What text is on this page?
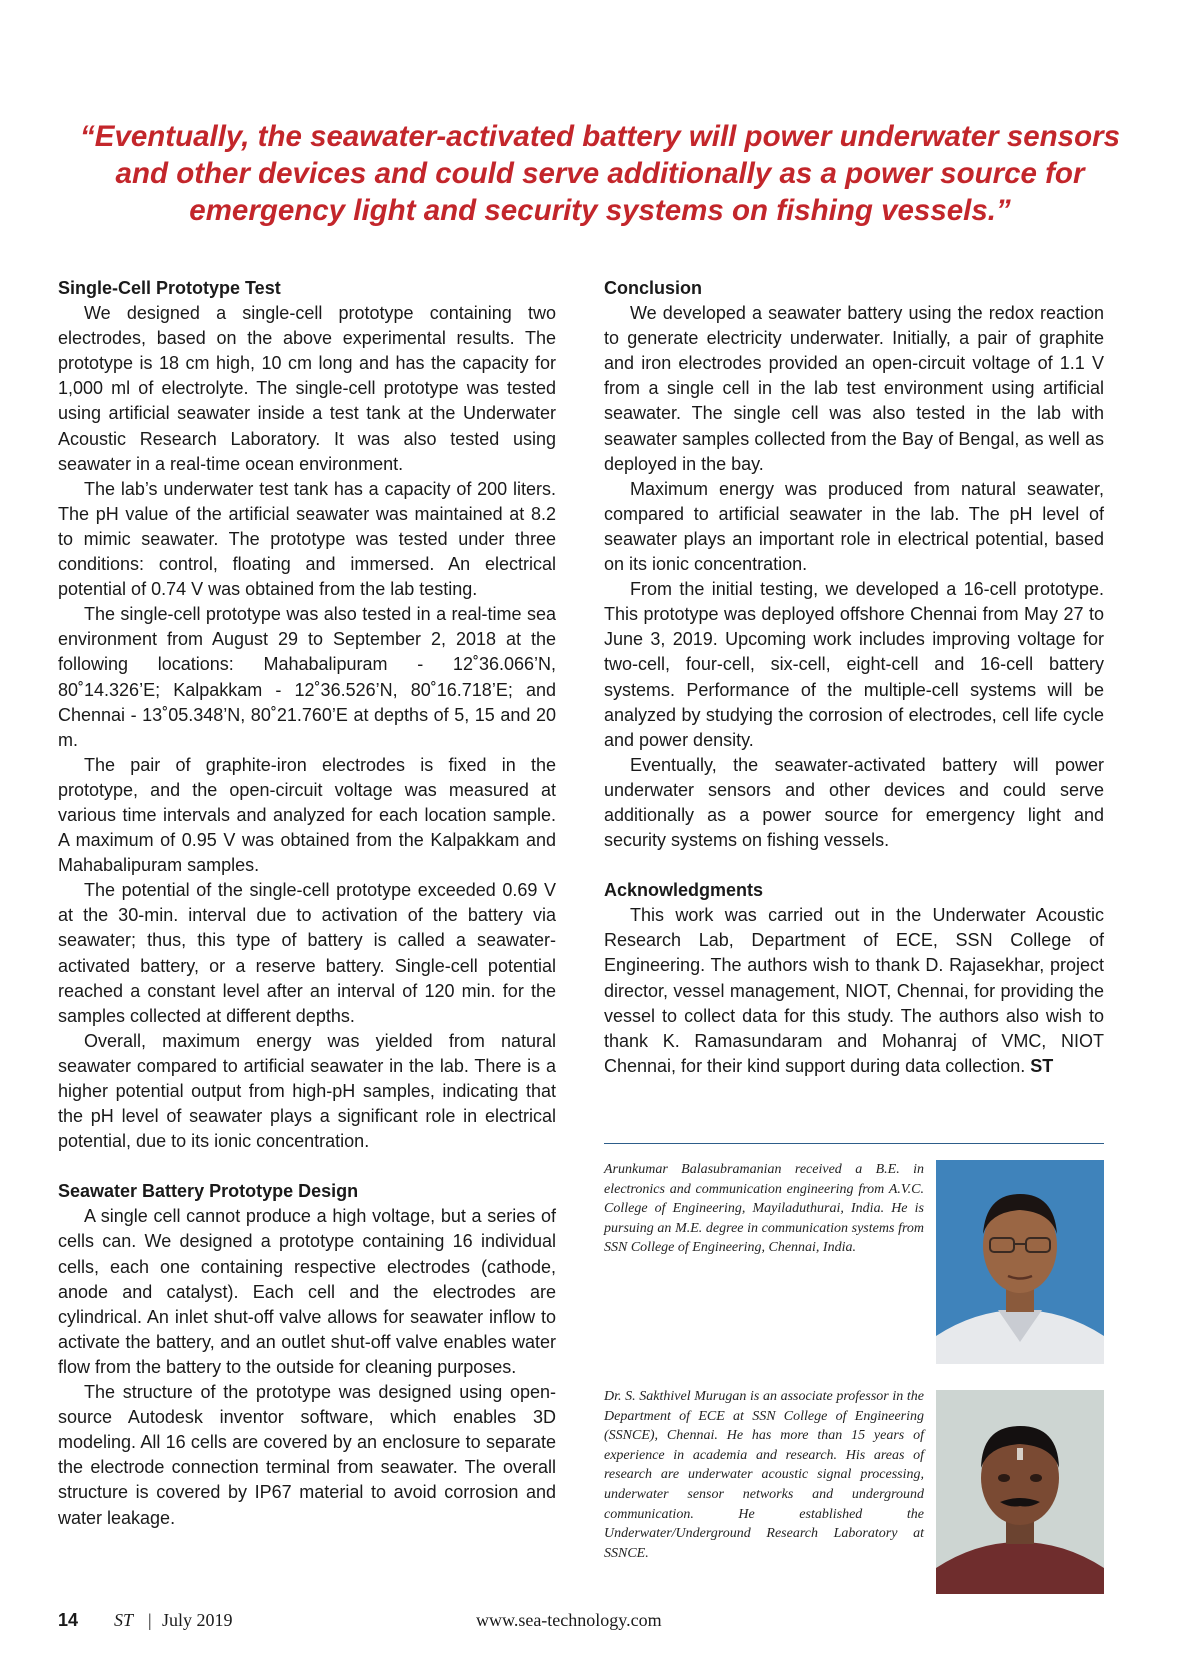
“Eventually, the seawater-activated battery will power underwater sensors and other devices and could serve additionally as a power source for emergency light and security systems on fishing vessels.”
Single-Cell Prototype Test

We designed a single-cell prototype containing two electrodes, based on the above experimental results. The prototype is 18 cm high, 10 cm long and has the capacity for 1,000 ml of electrolyte. The single-cell prototype was tested using artificial seawater inside a test tank at the Underwater Acoustic Research Laboratory. It was also tested using seawater in a real-time ocean environment.

The lab’s underwater test tank has a capacity of 200 liters. The pH value of the artificial seawater was maintained at 8.2 to mimic seawater. The prototype was tested under three conditions: control, floating and immersed. An electrical potential of 0.74 V was obtained from the lab testing.

The single-cell prototype was also tested in a real-time sea environment from August 29 to September 2, 2018 at the following locations: Mahabalipuram - 12˚36.066’N, 80˚14.326’E; Kalpakkam - 12˚36.526’N, 80˚16.718’E; and Chennai - 13˚05.348’N, 80˚21.760’E at depths of 5, 15 and 20 m.

The pair of graphite-iron electrodes is fixed in the prototype, and the open-circuit voltage was measured at various time intervals and analyzed for each location sample. A maximum of 0.95 V was obtained from the Kalpakkam and Mahabalipuram samples.

The potential of the single-cell prototype exceeded 0.69 V at the 30-min. interval due to activation of the battery via seawater; thus, this type of battery is called a seawater-activated battery, or a reserve battery. Single-cell potential reached a constant level after an interval of 120 min. for the samples collected at different depths.

Overall, maximum energy was yielded from natural seawater compared to artificial seawater in the lab. There is a higher potential output from high-pH samples, indicating that the pH level of seawater plays a significant role in electrical potential, due to its ionic concentration.

Seawater Battery Prototype Design

A single cell cannot produce a high voltage, but a series of cells can. We designed a prototype containing 16 individual cells, each one containing respective electrodes (cathode, anode and catalyst). Each cell and the electrodes are cylindrical. An inlet shut-off valve allows for seawater inflow to activate the battery, and an outlet shut-off valve enables water flow from the battery to the outside for cleaning purposes.

The structure of the prototype was designed using open-source Autodesk inventor software, which enables 3D modeling. All 16 cells are covered by an enclosure to separate the electrode connection terminal from seawater. The overall structure is covered by IP67 material to avoid corrosion and water leakage.

Conclusion

We developed a seawater battery using the redox reaction to generate electricity underwater. Initially, a pair of graphite and iron electrodes provided an open-circuit voltage of 1.1 V from a single cell in the lab test environment using artificial seawater. The single cell was also tested in the lab with seawater samples collected from the Bay of Bengal, as well as deployed in the bay.

Maximum energy was produced from natural seawater, compared to artificial seawater in the lab. The pH level of seawater plays an important role in electrical potential, based on its ionic concentration.

From the initial testing, we developed a 16-cell prototype. This prototype was deployed offshore Chennai from May 27 to June 3, 2019. Upcoming work includes improving voltage for two-cell, four-cell, six-cell, eight-cell and 16-cell battery systems. Performance of the multiple-cell systems will be analyzed by studying the corrosion of electrodes, cell life cycle and power density.

Eventually, the seawater-activated battery will power underwater sensors and other devices and could serve additionally as a power source for emergency light and security systems on fishing vessels.

Acknowledgments

This work was carried out in the Underwater Acoustic Research Lab, Department of ECE, SSN College of Engineering. The authors wish to thank D. Rajasekhar, project director, vessel management, NIOT, Chennai, for providing the vessel to collect data for this study. The authors also wish to thank K. Ramasundaram and Mohanraj of VMC, NIOT Chennai, for their kind support during data collection. ST

Arunkumar Balasubramanian received a B.E. in electronics and communication engineering from A.V.C. College of Engineering, Mayiladuthurai, India. He is pursuing an M.E. degree in communication systems from SSN College of Engineering, Chennai, India.
Dr. S. Sakthivel Murugan is an associate professor in the Department of ECE at SSN College of Engineering (SSNCE), Chennai. He has more than 15 years of experience in academia and research. His areas of research are underwater acoustic signal processing, underwater sensor networks and underground communication. He established the Underwater/Underground Research Laboratory at SSNCE.
14 ST | July 2019	www.sea-technology.com
